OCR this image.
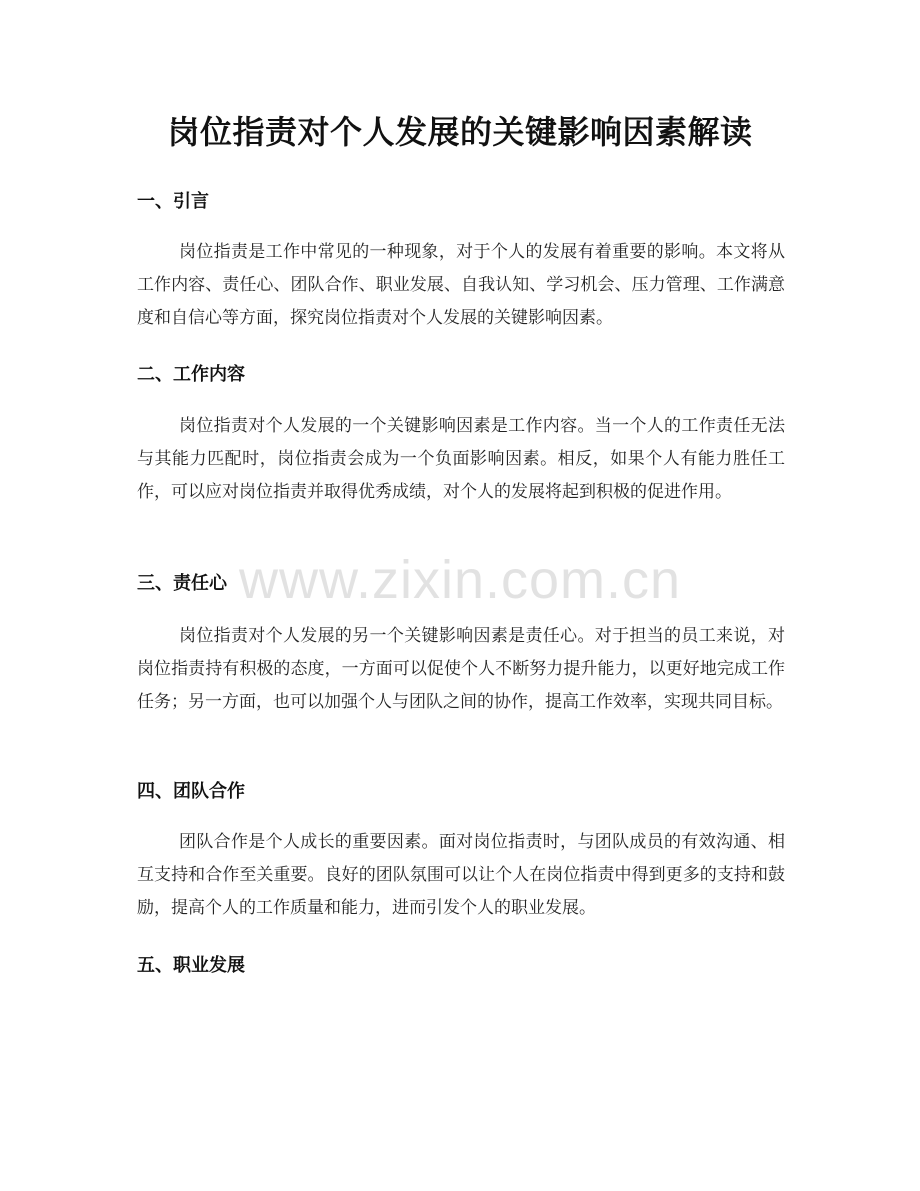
岗位指责对个人发展的关键影响因素解读
一、引言
岗位指责是工作中常见的一种现象，对于个人的发展有着重要的影响。本文将从工作内容、责任心、团队合作、职业发展、自我认知、学习机会、压力管理、工作满意度和自信心等方面，探究岗位指责对个人发展的关键影响因素。
二、工作内容
岗位指责对个人发展的一个关键影响因素是工作内容。当一个人的工作责任无法与其能力匹配时，岗位指责会成为一个负面影响因素。相反，如果个人有能力胜任工作，可以应对岗位指责并取得优秀成绩，对个人的发展将起到积极的促进作用。
三、责任心
岗位指责对个人发展的另一个关键影响因素是责任心。对于担当的员工来说，对岗位指责持有积极的态度，一方面可以促使个人不断努力提升能力，以更好地完成工作任务；另一方面，也可以加强个人与团队之间的协作，提高工作效率，实现共同目标。
四、团队合作
团队合作是个人成长的重要因素。面对岗位指责时，与团队成员的有效沟通、相互支持和合作至关重要。良好的团队氛围可以让个人在岗位指责中得到更多的支持和鼓励，提高个人的工作质量和能力，进而引发个人的职业发展。
五、职业发展
www.zixin.com.cn
